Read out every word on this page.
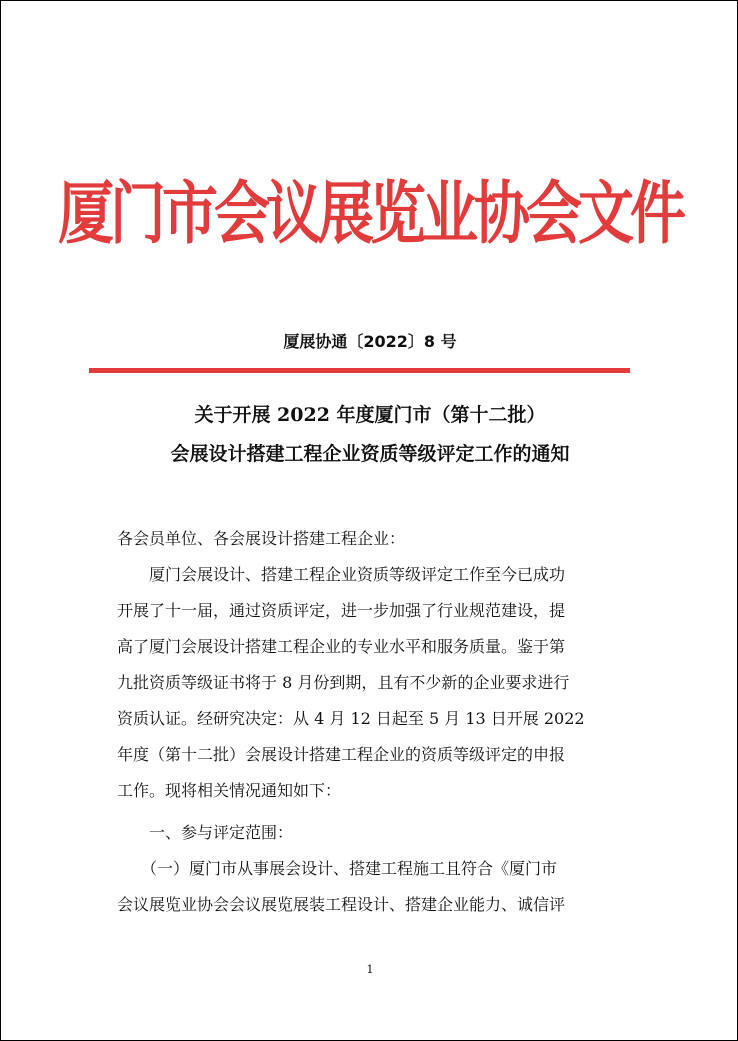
厦门市会议展览业协会文件
厦展协通〔2022〕8 号
关于开展 2022 年度厦门市（第十二批）
会展设计搭建工程企业资质等级评定工作的通知
各会员单位、各会展设计搭建工程企业：
　　厦门会展设计、搭建工程企业资质等级评定工作至今已成功
开展了十一届，通过资质评定，进一步加强了行业规范建设，提
高了厦门会展设计搭建工程企业的专业水平和服务质量。鉴于第
九批资质等级证书将于 8 月份到期，且有不少新的企业要求进行
资质认证。经研究决定：从 4 月 12 日起至 5 月 13 日开展 2022
年度（第十二批）会展设计搭建工程企业的资质等级评定的申报
工作。现将相关情况通知如下：
　　一、参与评定范围：
　　（一）厦门市从事展会设计、搭建工程施工且符合《厦门市
会议展览业协会会议展览展装工程设计、搭建企业能力、诚信评
1
